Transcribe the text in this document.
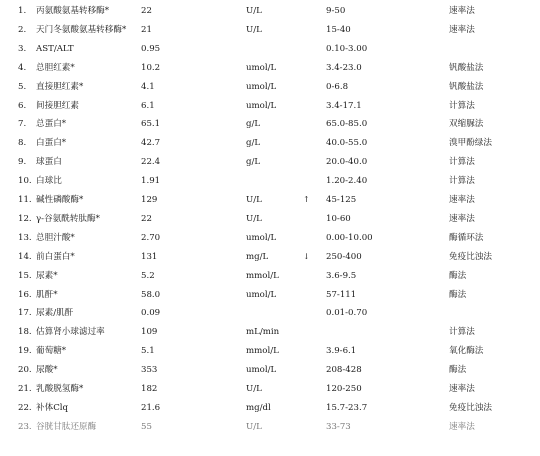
1. 丙氨酸氨基转移酶*	22	U/L	9-50	速率法
2. 天门冬氨酸氨基转移酶* 21	U/L	15-40	速率法
3. AST/ALT	0.95	0.10-3.00
4. 总胆红素*	10.2	umol/L	3.4-23.0	钒酸盐法
5. 直接胆红素*	4.1	umol/L	0-6.8	钒酸盐法
6. 间接胆红素	6.1	umol/L	3.4-17.1	计算法
7. 总蛋白*	65.1	g/L	65.0-85.0	双缩脲法
8. 白蛋白*	42.7	g/L	40.0-55.0	溴甲酚绿法
9. 球蛋白	22.4	g/L	20.0-40.0	计算法
10. 白球比	1.91	1.20-2.40	计算法
11. 碱性磷酸酶*	129	U/L	↑ 45-125	速率法
12. γ-谷氨酰转肽酶*	22	U/L	10-60	速率法
13. 总胆汁酸*	2.70	umol/L	0.00-10.00	酶循环法
14. 前白蛋白*	131	mg/L	↓ 250-400	免疫比浊法
15. 尿素*	5.2	mmol/L	3.6-9.5	酶法
16. 肌酐*	58.0	umol/L	57-111	酶法
17. 尿素/肌酐	0.09	0.01-0.70
18. 估算肾小球滤过率	109	mL/min	计算法
19. 葡萄糖*	5.1	mmol/L	3.9-6.1	氧化酶法
20. 尿酸*	353	umol/L	208-428	酶法
21. 乳酸脱氢酶*	182	U/L	120-250	速率法
22. 补体Clq	21.6	mg/dl	15.7-23.7	免疫比浊法
23. 谷胱甘肽还原酶	55	U/L	33-73	速率法
